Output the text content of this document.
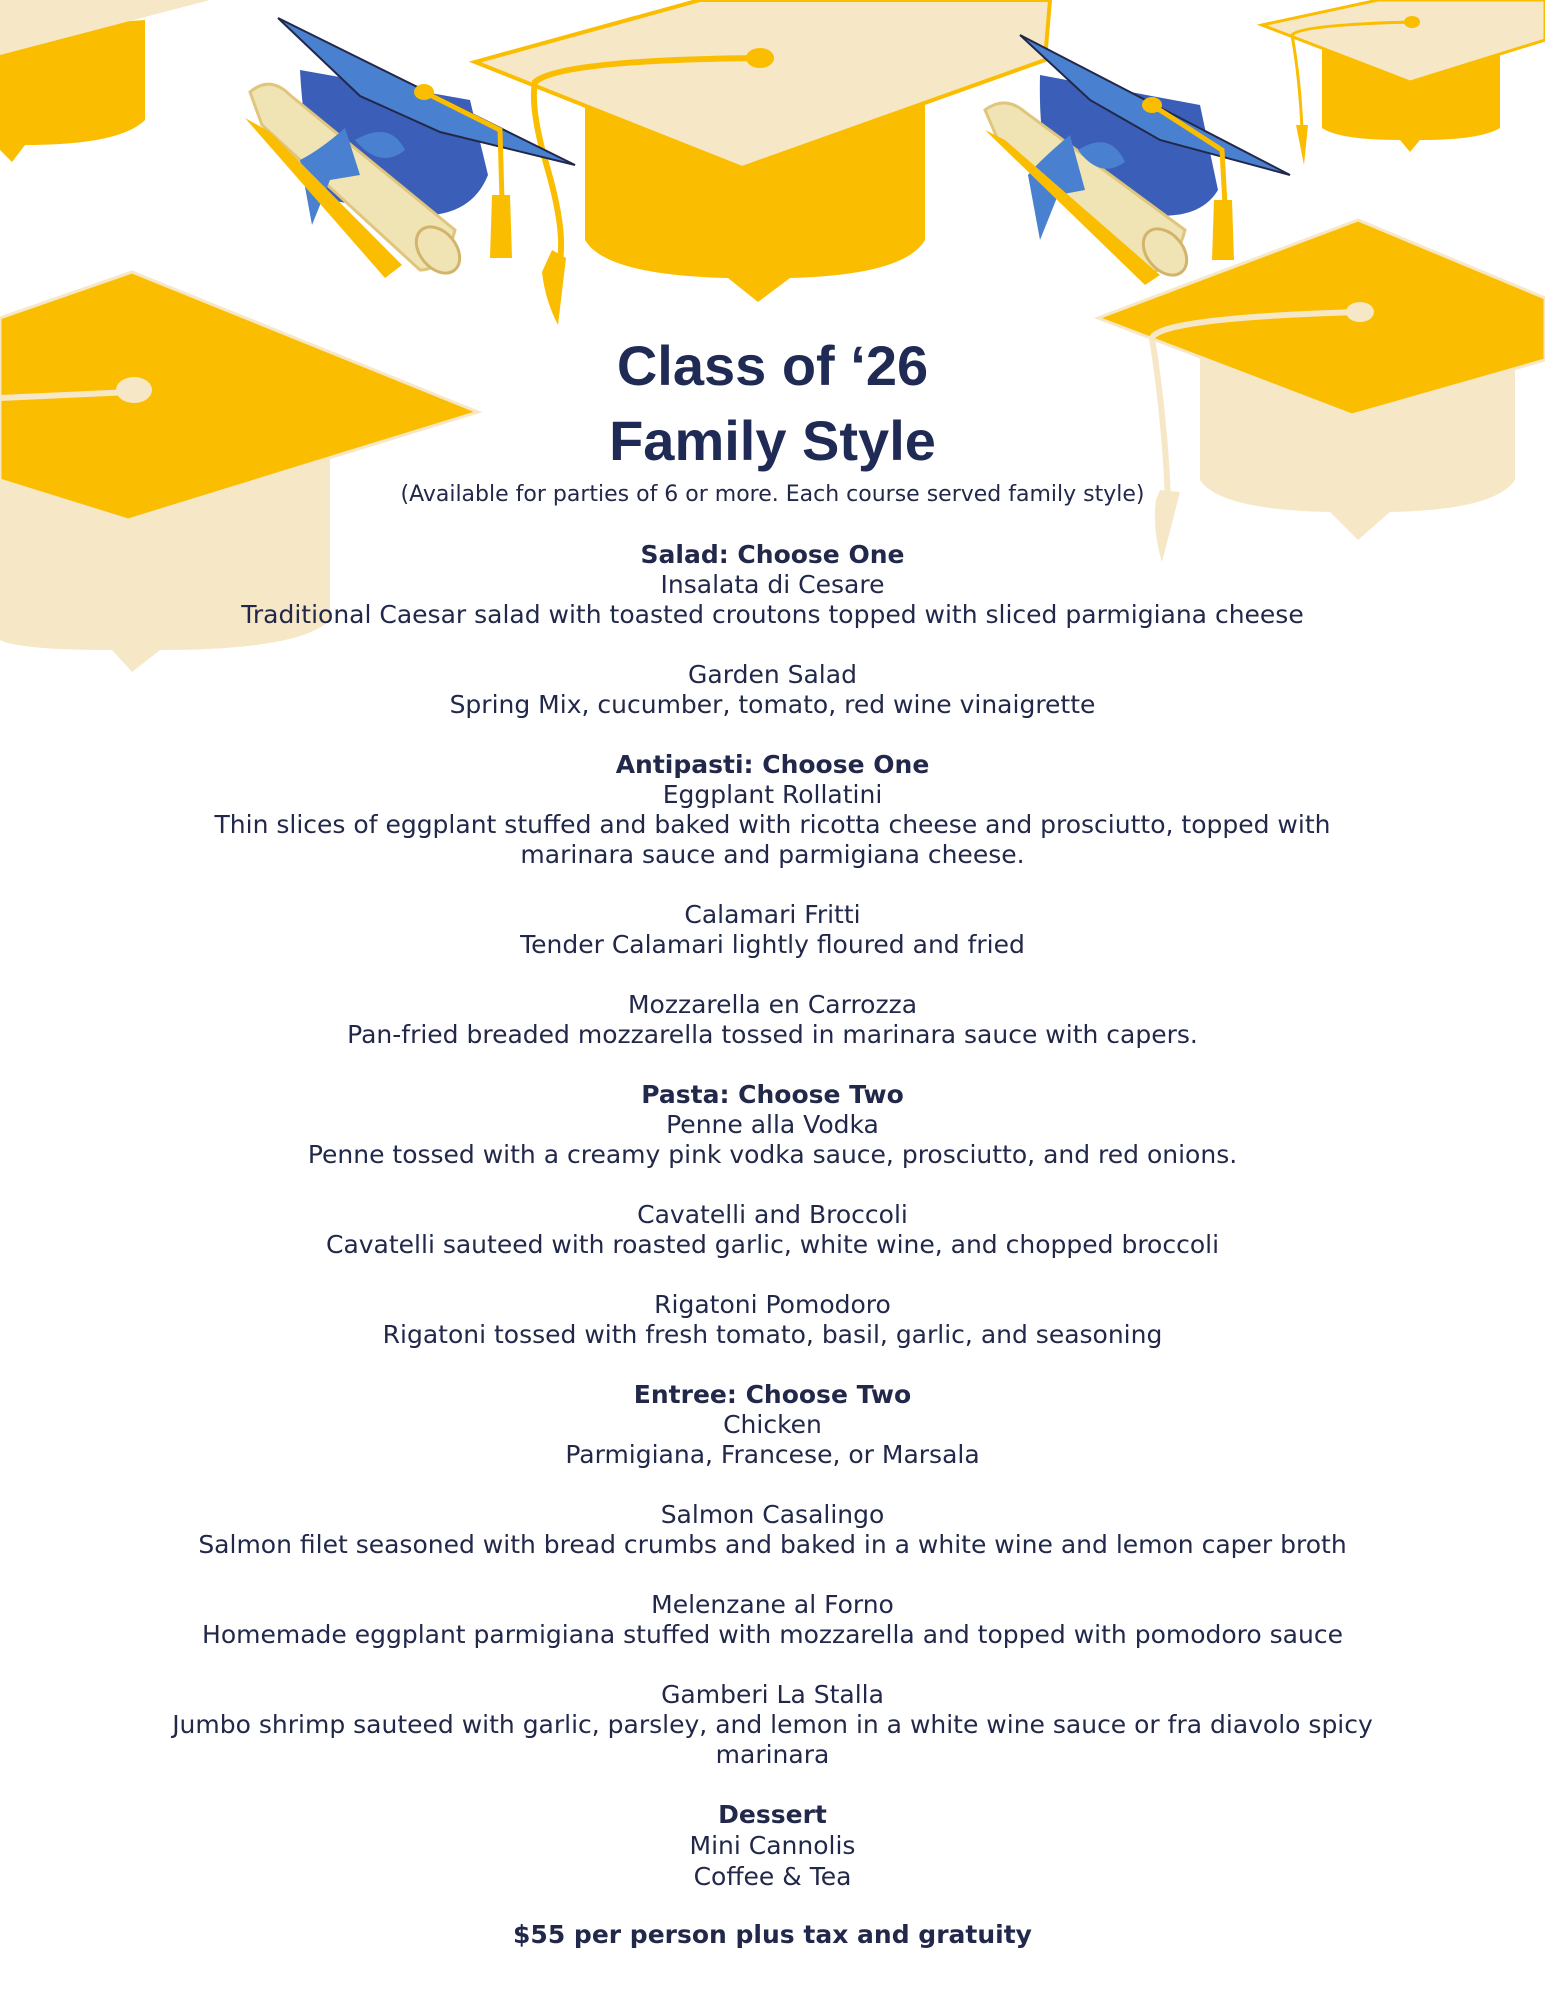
Class of ‘26
Family Style
(Available for parties of 6 or more. Each course served family style)
Salad: Choose One
Insalata di Cesare
Traditional Caesar salad with toasted croutons topped with sliced parmigiana cheese
Garden Salad
Spring Mix, cucumber, tomato, red wine vinaigrette
Antipasti: Choose One
Eggplant Rollatini
Thin slices of eggplant stuffed and baked with ricotta cheese and prosciutto, topped with marinara sauce and parmigiana cheese.
Calamari Fritti
Tender Calamari lightly floured and fried
Mozzarella en Carrozza
Pan-fried breaded mozzarella tossed in marinara sauce with capers.
Pasta: Choose Two
Penne alla Vodka
Penne tossed with a creamy pink vodka sauce, prosciutto, and red onions.
Cavatelli and Broccoli
Cavatelli sauteed with roasted garlic, white wine, and chopped broccoli
Rigatoni Pomodoro
Rigatoni tossed with fresh tomato, basil, garlic, and seasoning
Entree: Choose Two
Chicken
Parmigiana, Francese, or Marsala
Salmon Casalingo
Salmon filet seasoned with bread crumbs and baked in a white wine and lemon caper broth
Melenzane al Forno
Homemade eggplant parmigiana stuffed with mozzarella and topped with pomodoro sauce
Gamberi La Stalla
Jumbo shrimp sauteed with garlic, parsley, and lemon in a white wine sauce or fra diavolo spicy marinara
Dessert
Mini Cannolis
Coffee & Tea
$55 per person plus tax and gratuity
